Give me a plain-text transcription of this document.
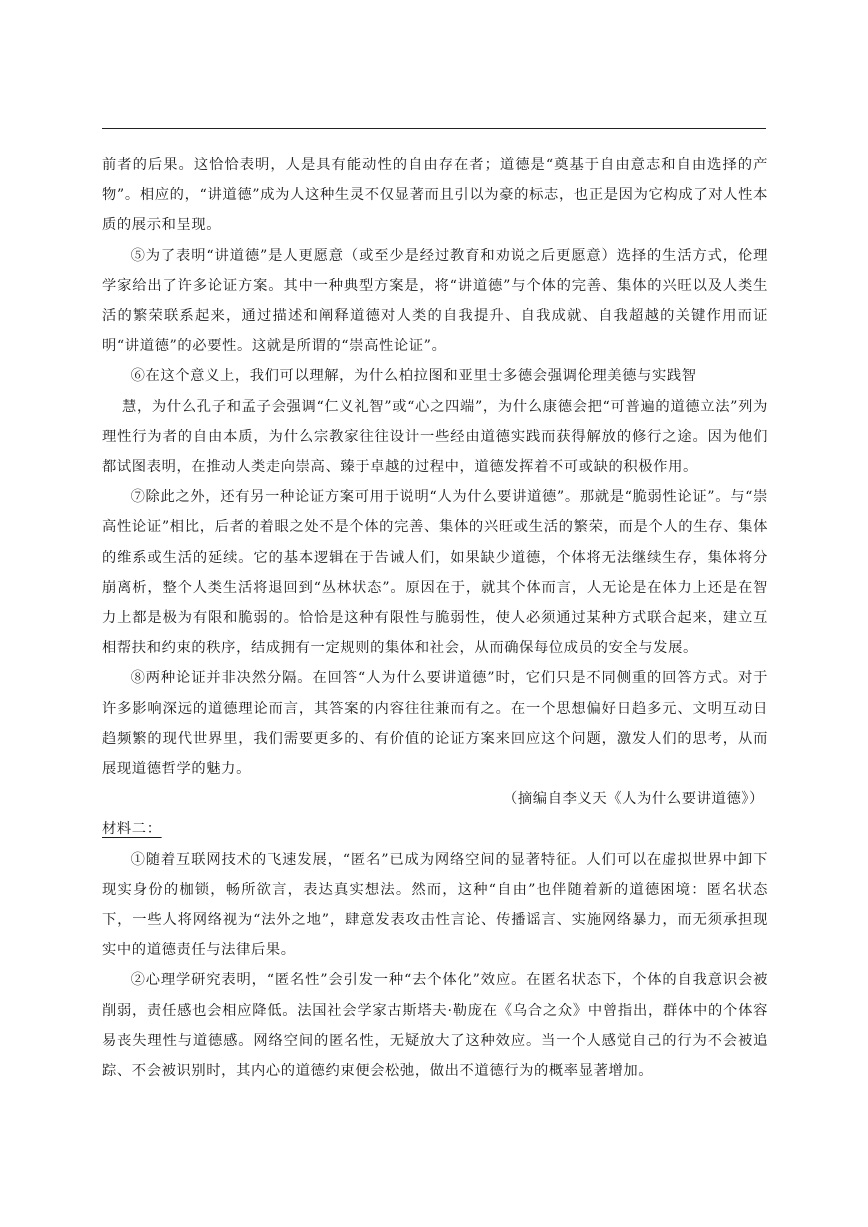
前者的后果。这恰恰表明，人是具有能动性的自由存在者；道德是“奠基于自由意志和自由选择的产物”。相应的，“讲道德”成为人这种生灵不仅显著而且引以为豪的标志，也正是因为它构成了对人性本质的展示和呈现。

⑤为了表明“讲道德”是人更愿意（或至少是经过教育和劝说之后更愿意）选择的生活方式，伦理学家给出了许多论证方案。其中一种典型方案是，将“讲道德”与个体的完善、集体的兴旺以及人类生活的繁荣联系起来，通过描述和阐释道德对人类的自我提升、自我成就、自我超越的关键作用而证明“讲道德”的必要性。这就是所谓的“崇高性论证”。

⑥在这个意义上，我们可以理解，为什么柏拉图和亚里士多德会强调伦理美德与实践智

慧，为什么孔子和孟子会强调“仁义礼智”或“心之四端”，为什么康德会把“可普遍的道德立法”列为理性行为者的自由本质，为什么宗教家往往设计一些经由道德实践而获得解放的修行之途。因为他们都试图表明，在推动人类走向崇高、臻于卓越的过程中，道德发挥着不可或缺的积极作用。

⑦除此之外，还有另一种论证方案可用于说明“人为什么要讲道德”。那就是“脆弱性论证”。与“崇高性论证”相比，后者的着眼之处不是个体的完善、集体的兴旺或生活的繁荣，而是个人的生存、集体的维系或生活的延续。它的基本逻辑在于告诫人们，如果缺少道德，个体将无法继续生存，集体将分崩离析，整个人类生活将退回到“丛林状态”。原因在于，就其个体而言，人无论是在体力上还是在智力上都是极为有限和脆弱的。恰恰是这种有限性与脆弱性，使人必须通过某种方式联合起来，建立互相帮扶和约束的秩序，结成拥有一定规则的集体和社会，从而确保每位成员的安全与发展。

⑧两种论证并非决然分隔。在回答“人为什么要讲道德”时，它们只是不同侧重的回答方式。对于许多影响深远的道德理论而言，其答案的内容往往兼而有之。在一个思想偏好日趋多元、文明互动日趋频繁的现代世界里，我们需要更多的、有价值的论证方案来回应这个问题，激发人们的思考，从而展现道德哲学的魅力。

（摘编自李义天《人为什么要讲道德》）

材料二：

①随着互联网技术的飞速发展，“匿名”已成为网络空间的显著特征。人们可以在虚拟世界中卸下现实身份的枷锁，畅所欲言，表达真实想法。然而，这种“自由”也伴随着新的道德困境：匿名状态下，一些人将网络视为“法外之地”，肆意发表攻击性言论、传播谣言、实施网络暴力，而无须承担现实中的道德责任与法律后果。

②心理学研究表明，“匿名性”会引发一种“去个体化”效应。在匿名状态下，个体的自我意识会被削弱，责任感也会相应降低。法国社会学家古斯塔夫·勒庞在《乌合之众》中曾指出，群体中的个体容易丧失理性与道德感。网络空间的匿名性，无疑放大了这种效应。当一个人感觉自己的行为不会被追踪、不会被识别时，其内心的道德约束便会松弛，做出不道德行为的概率显著增加。
